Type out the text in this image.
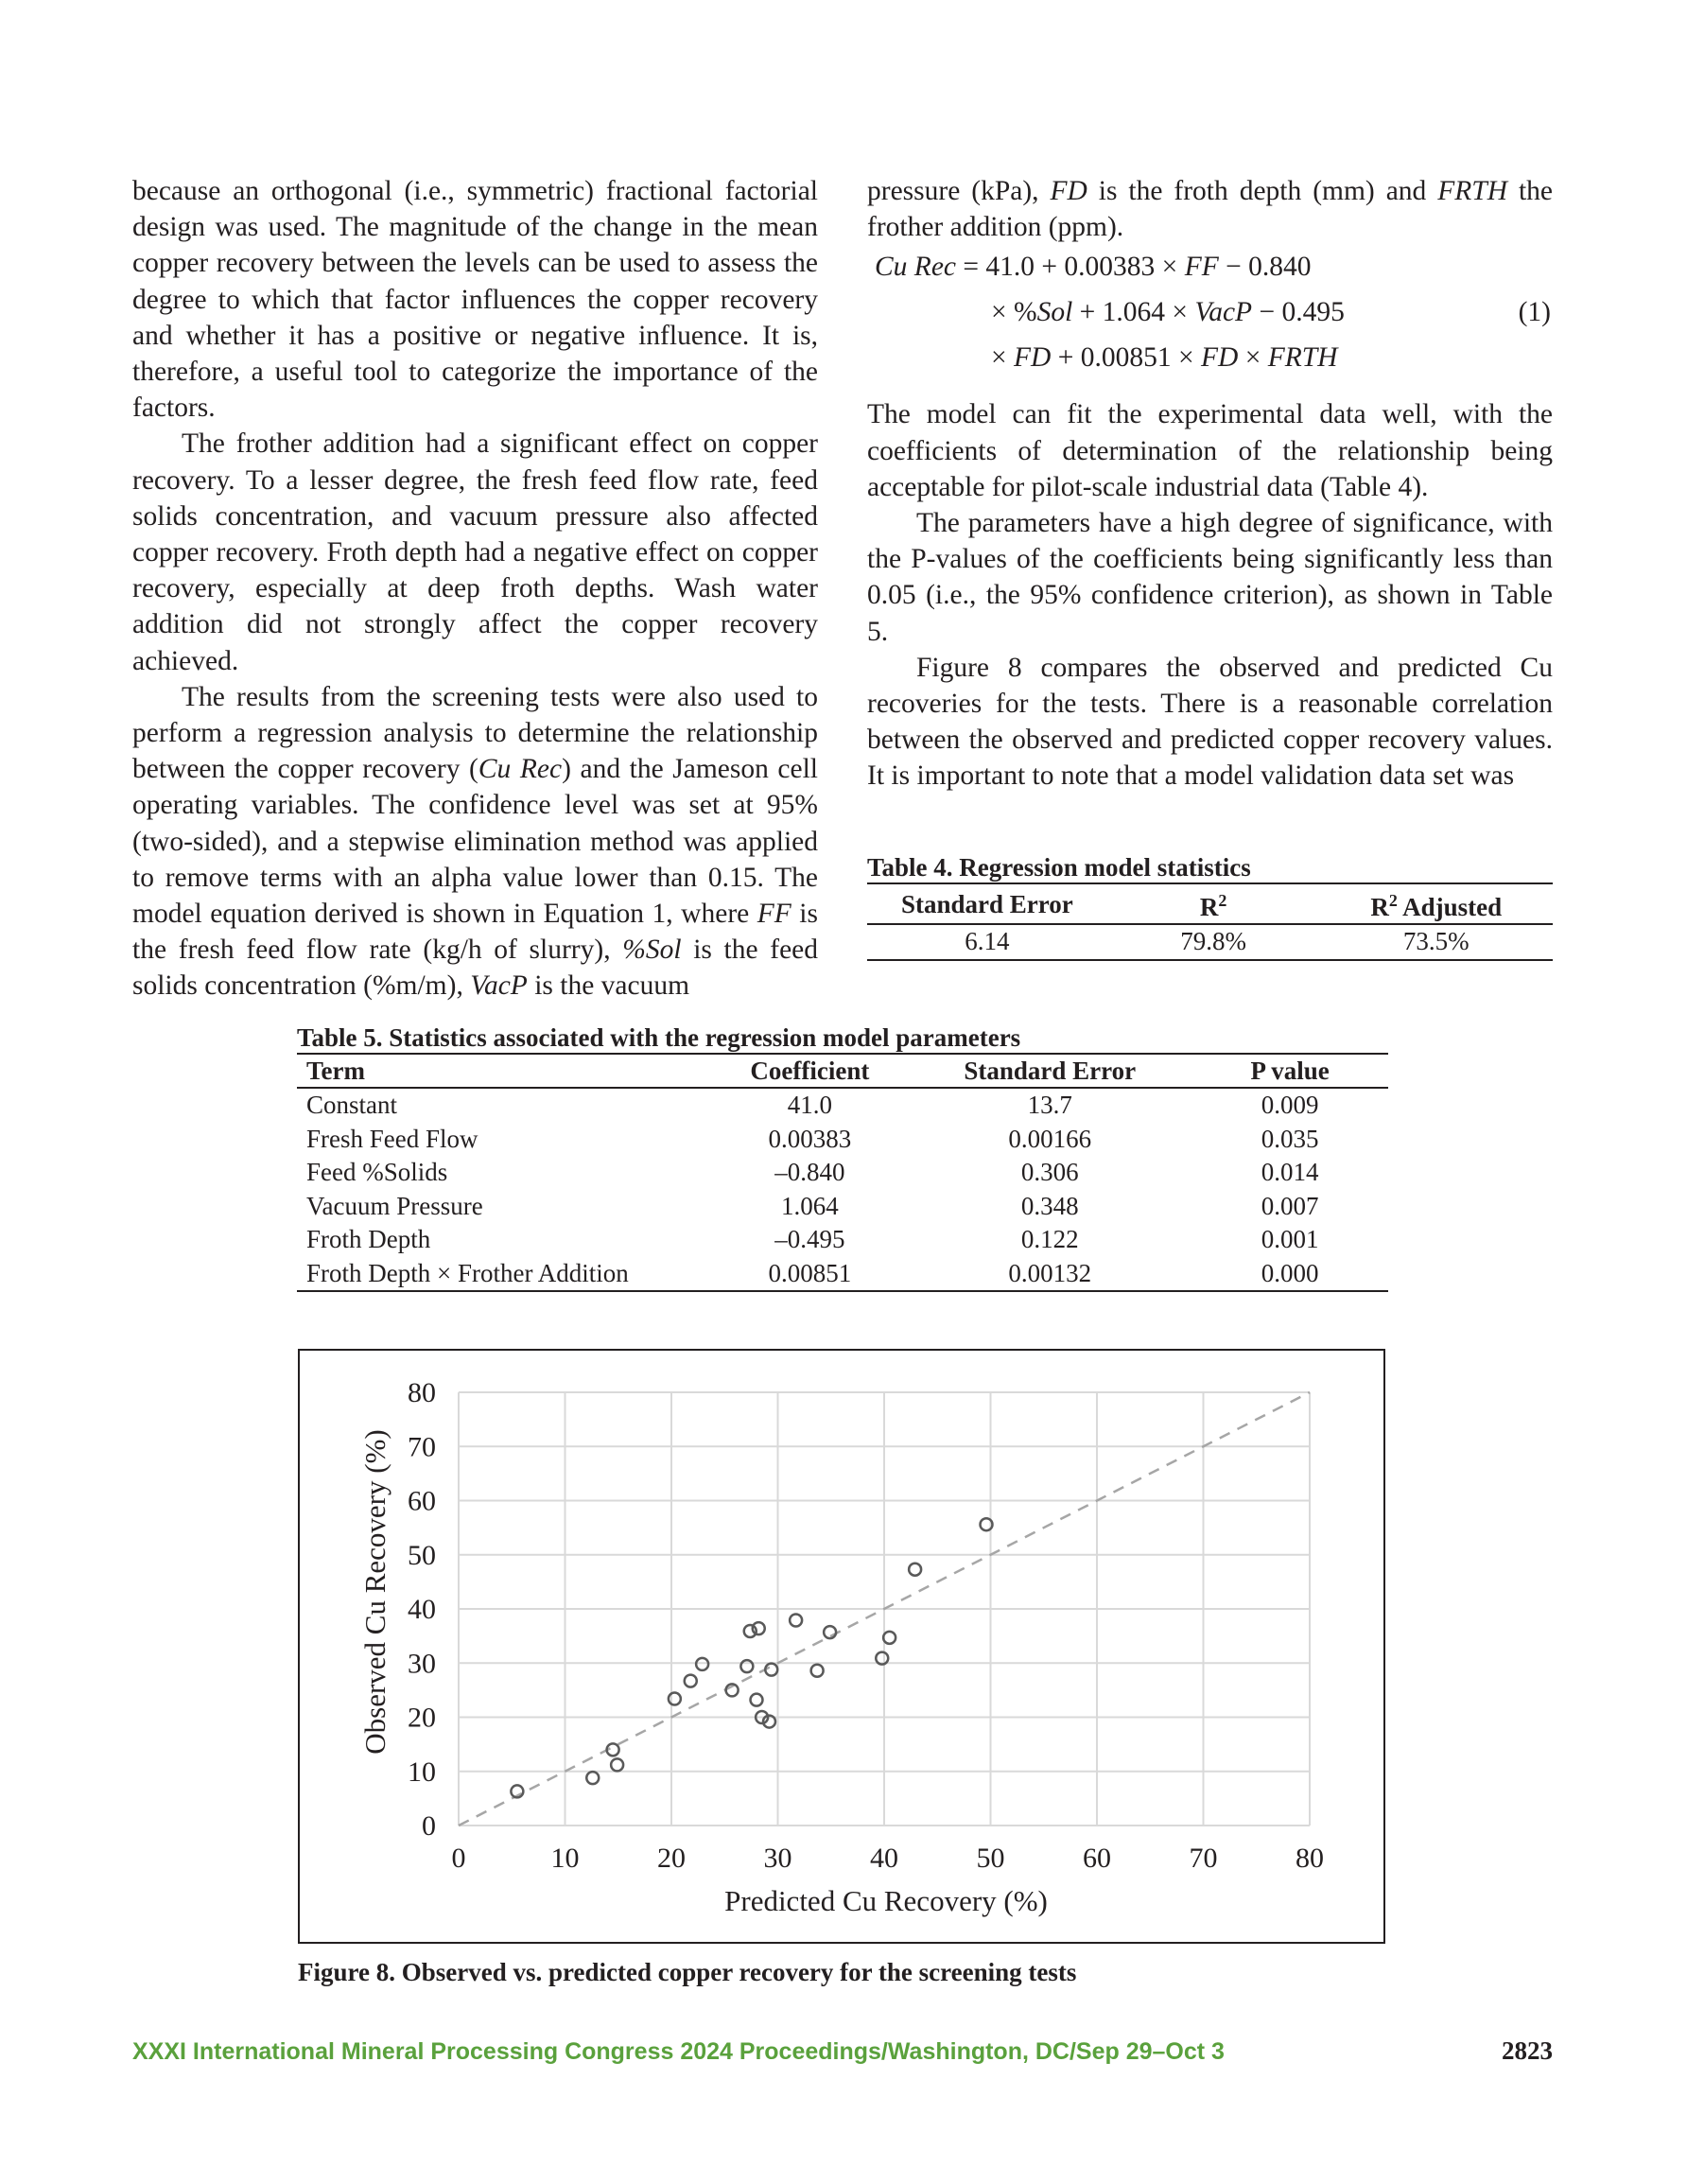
because an orthogonal (i.e., symmetric) fractional factorial design was used. The magnitude of the change in the mean copper recovery between the levels can be used to assess the degree to which that factor influences the copper recovery and whether it has a positive or negative influence. It is, therefore, a useful tool to categorize the importance of the factors.

The frother addition had a significant effect on copper recovery. To a lesser degree, the fresh feed flow rate, feed solids concentration, and vacuum pressure also affected copper recovery. Froth depth had a negative effect on copper recovery, especially at deep froth depths. Wash water addition did not strongly affect the copper recovery achieved.

The results from the screening tests were also used to perform a regression analysis to determine the relationship between the copper recovery (Cu Rec) and the Jameson cell operating variables. The confidence level was set at 95% (two-sided), and a stepwise elimination method was applied to remove terms with an alpha value lower than 0.15. The model equation derived is shown in Equation 1, where FF is the fresh feed flow rate (kg/h of slurry), %Sol is the feed solids concentration (%m/m), VacP is the vacuum

pressure (kPa), FD is the froth depth (mm) and FRTH the frother addition (ppm).

Cu Rec = 41.0 + 0.00383 × FF − 0.840
× %Sol + 1.064 × VacP − 0.495	(1)
× FD + 0.00851 × FD × FRTH

The model can fit the experimental data well, with the coefficients of determination of the relationship being acceptable for pilot-scale industrial data (Table 4).

The parameters have a high degree of significance, with the P-values of the coefficients being significantly less than 0.05 (i.e., the 95% confidence criterion), as shown in Table 5.

Figure 8 compares the observed and predicted Cu recoveries for the tests. There is a reasonable correlation between the observed and predicted copper recovery values. It is important to note that a model validation data set was

Table 4. Regression model statistics
Standard Error	$R^2$	$R^2$ Adjusted
6.14	79.8%	73.5%
Table 5. Statistics associated with the regression model parameters
Term	Coefficient	Standard Error	P value
Constant	41.0	13.7	0.009
Fresh Feed Flow	0.00383	0.00166	0.035
Feed %Solids	–0.840	0.306	0.014
Vacuum Pressure	1.064	0.348	0.007
Froth Depth	–0.495	0.122	0.001
Froth Depth × Frother Addition	0.00851	0.00132	0.000
0	10	20	30	40	50	60	70	80
0
10
20
30
40
50
60
70
80
Predicted Cu Recovery (%)
Observed Cu Recovery (%)
Figure 8. Observed vs. predicted copper recovery for the screening tests
XXXI International Mineral Processing Congress 2024 Proceedings/Washington, DC/Sep 29–Oct 3	2823
